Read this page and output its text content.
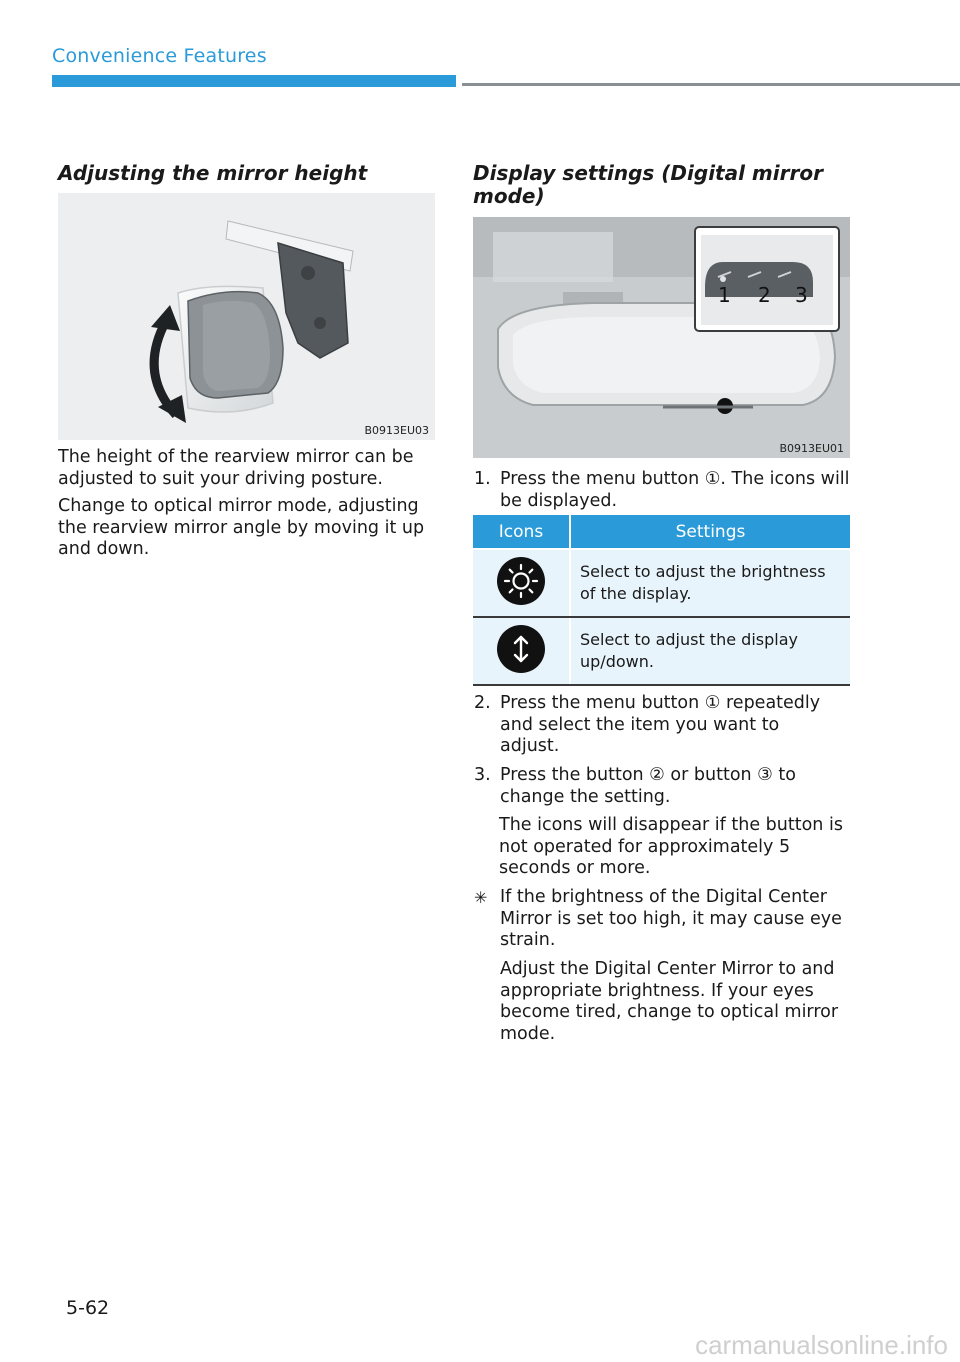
Convenience Features
Adjusting the mirror height
B0913EU03

The height of the rearview mirror can be adjusted to suit your driving posture.

Change to optical mirror mode, adjusting the rearview mirror angle by moving it up and down.

Display settings (Digital mirror mode)
1 2 3
B0913EU01
1. Press the menu button ①. The icons will be displayed.
Icons	Settings
	Select to adjust the brightness of the display.
	Select to adjust the display up/down.
2. Press the menu button ① repeatedly and select the item you want to adjust.
3. Press the button ② or button ③ to change the setting.
The icons will disappear if the button is not operated for approximately 5 seconds or more.
✳ If the brightness of the Digital Center Mirror is set too high, it may cause eye strain.
Adjust the Digital Center Mirror to and appropriate brightness. If your eyes become tired, change to optical mirror mode.
5-62
carmanualsonline.info
